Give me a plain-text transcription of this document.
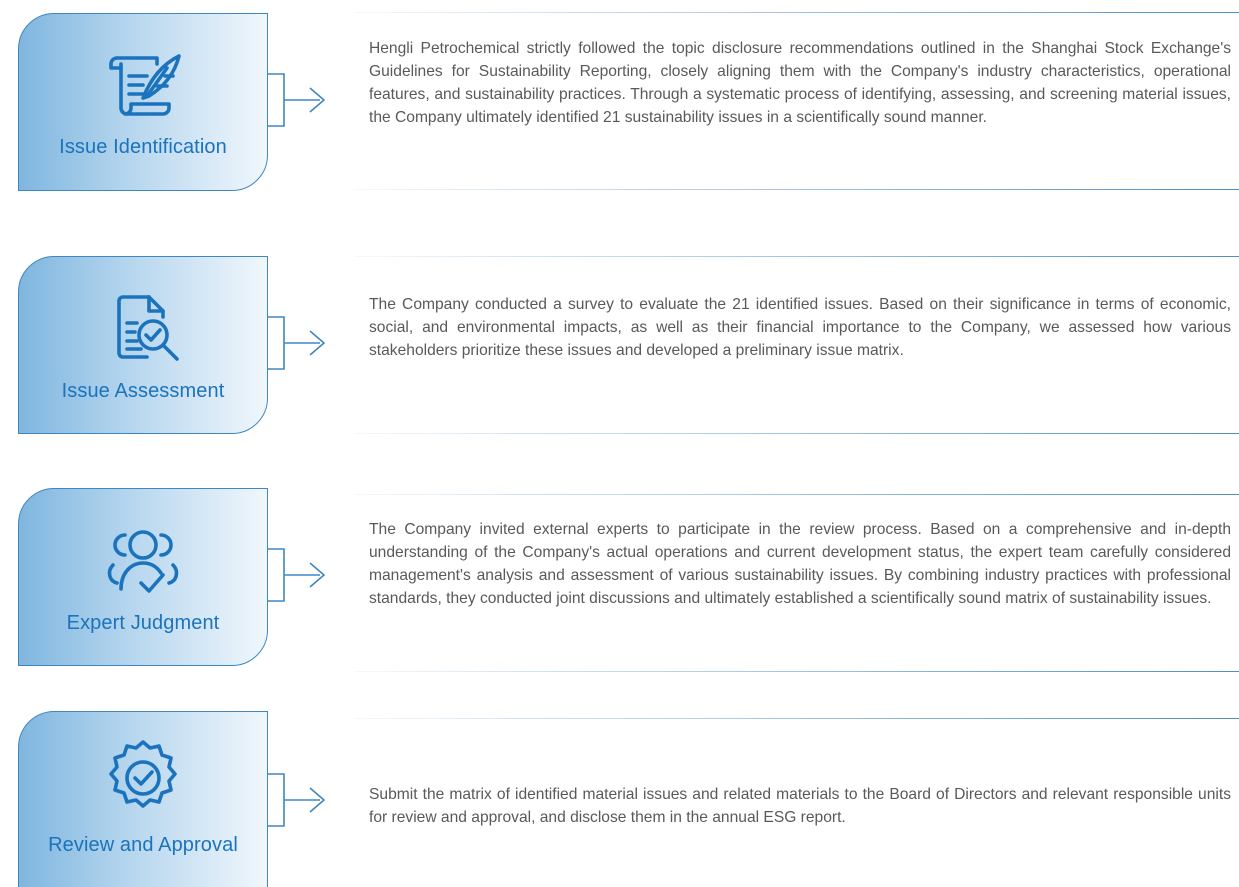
Issue Identification

Hengli Petrochemical strictly followed the topic disclosure recommendations outlined in the Shanghai Stock Exchange's Guidelines for Sustainability Reporting, closely aligning them with the Company's industry characteristics, operational features, and sustainability practices. Through a systematic process of identifying, assessing, and screening material issues, the Company ultimately identified 21 sustainability issues in a scientifically sound manner.

Issue Assessment

The Company conducted a survey to evaluate the 21 identified issues. Based on their significance in terms of economic, social, and environmental impacts, as well as their financial importance to the Company, we assessed how various stakeholders prioritize these issues and developed a preliminary issue matrix.

Expert Judgment

The Company invited external experts to participate in the review process. Based on a comprehensive and in-depth understanding of the Company's actual operations and current development status, the expert team carefully considered management's analysis and assessment of various sustainability issues. By combining industry practices with professional standards, they conducted joint discussions and ultimately established a scientifically sound matrix of sustainability issues.

Review and Approval

Submit the matrix of identified material issues and related materials to the Board of Directors and relevant responsible units for review and approval, and disclose them in the annual ESG report.
